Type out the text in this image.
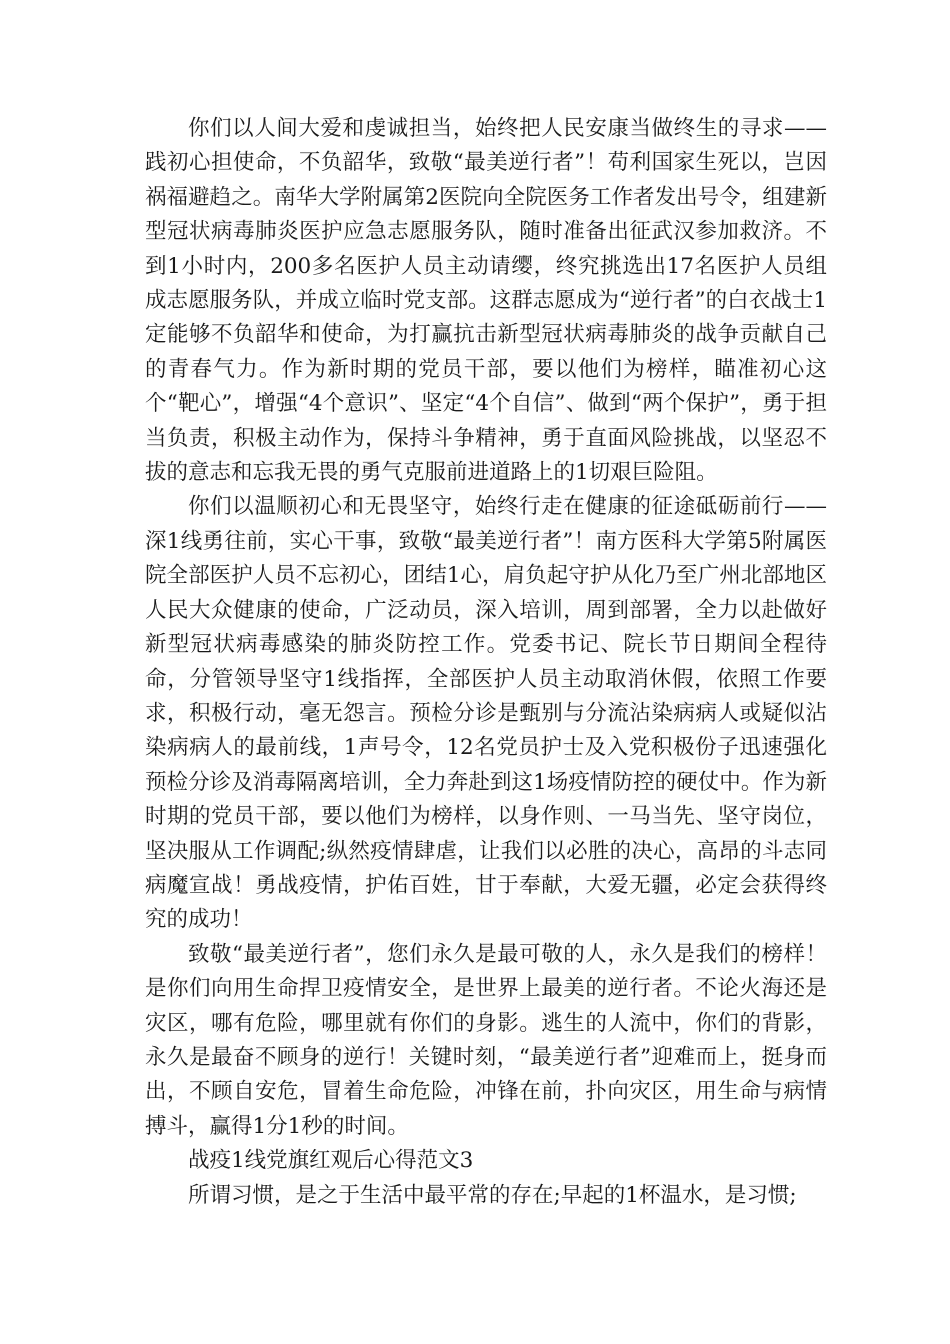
你们以人间大爱和虔诚担当，始终把人民安康当做终生的寻求——践初心担使命，不负韶华，致敬“最美逆行者”！苟利国家生死以，岂因祸福避趋之。南华大学附属第2医院向全院医务工作者发出号令，组建新型冠状病毒肺炎医护应急志愿服务队，随时准备出征武汉参加救济。不到1小时内，200多名医护人员主动请缨，终究挑选出17名医护人员组成志愿服务队，并成立临时党支部。这群志愿成为“逆行者”的白衣战士1定能够不负韶华和使命，为打赢抗击新型冠状病毒肺炎的战争贡献自己的青春气力。作为新时期的党员干部，要以他们为榜样，瞄准初心这个“靶心”，增强“4个意识”、坚定“4个自信”、做到“两个保护”，勇于担当负责，积极主动作为，保持斗争精神，勇于直面风险挑战，以坚忍不拔的意志和忘我无畏的勇气克服前进道路上的1切艰巨险阻。

你们以温顺初心和无畏坚守，始终行走在健康的征途砥砺前行——深1线勇往前，实心干事，致敬“最美逆行者”！南方医科大学第5附属医院全部医护人员不忘初心，团结1心，肩负起守护从化乃至广州北部地区人民大众健康的使命，广泛动员，深入培训，周到部署，全力以赴做好新型冠状病毒感染的肺炎防控工作。党委书记、院长节日期间全程待命，分管领导坚守1线指挥，全部医护人员主动取消休假，依照工作要求，积极行动，毫无怨言。预检分诊是甄别与分流沾染病病人或疑似沾染病病人的最前线，1声号令，12名党员护士及入党积极份子迅速强化预检分诊及消毒隔离培训，全力奔赴到这1场疫情防控的硬仗中。作为新时期的党员干部，要以他们为榜样，以身作则、一马当先、坚守岗位，坚决服从工作调配;纵然疫情肆虐，让我们以必胜的决心，高昂的斗志同病魔宣战！勇战疫情，护佑百姓，甘于奉献，大爱无疆，必定会获得终究的成功！

致敬“最美逆行者”，您们永久是最可敬的人，永久是我们的榜样！是你们向用生命捍卫疫情安全，是世界上最美的逆行者。不论火海还是灾区，哪有危险，哪里就有你们的身影。逃生的人流中，你们的背影，永久是最奋不顾身的逆行！关键时刻，“最美逆行者”迎难而上，挺身而出，不顾自安危，冒着生命危险，冲锋在前，扑向灾区，用生命与病情搏斗，赢得1分1秒的时间。

战疫1线党旗红观后心得范文3

所谓习惯，是之于生活中最平常的存在;早起的1杯温水，是习惯;
